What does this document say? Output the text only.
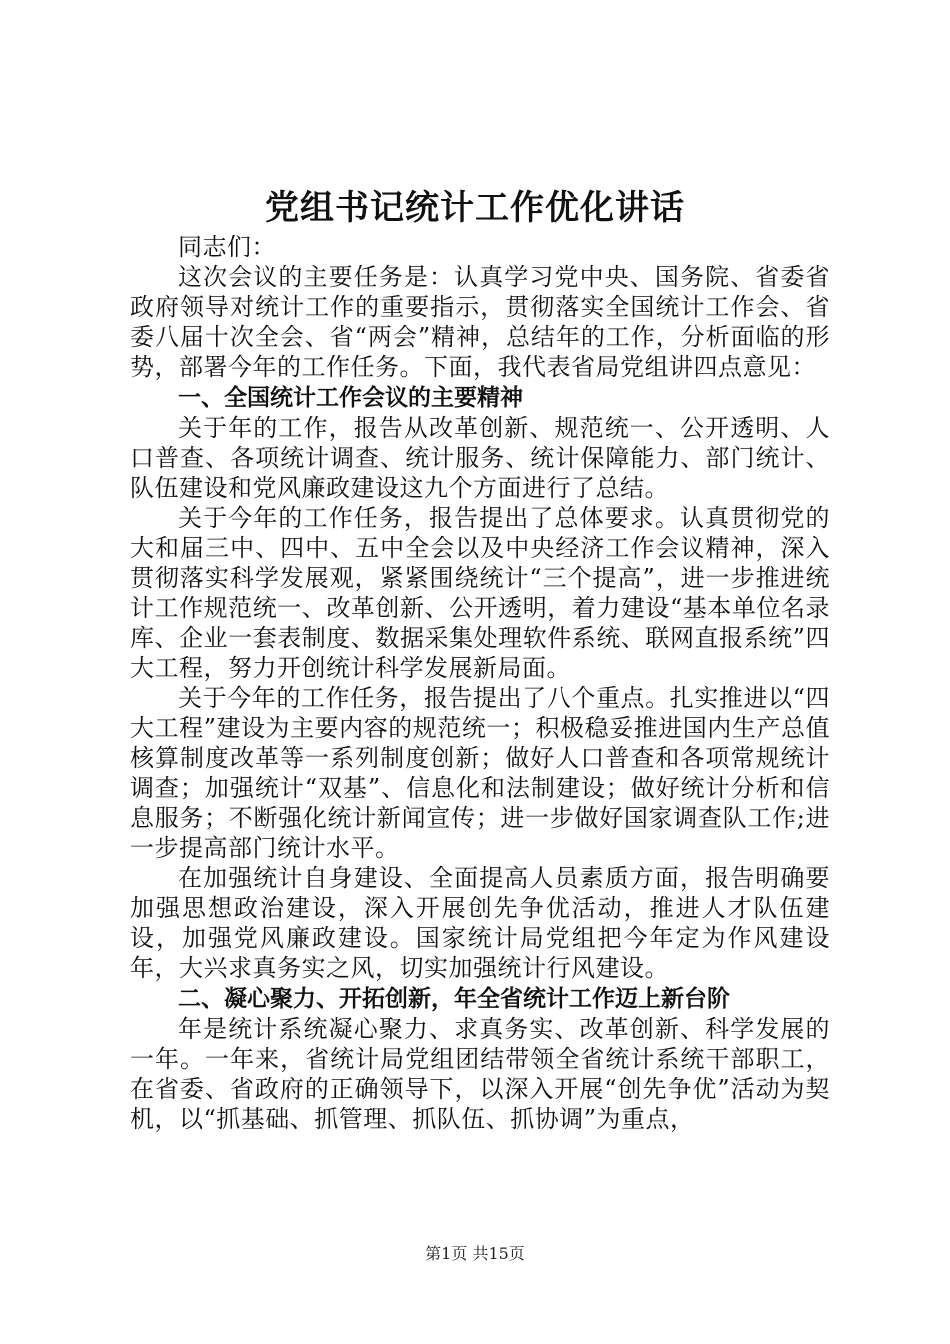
党组书记统计工作优化讲话

同志们：

这次会议的主要任务是：认真学习党中央、国务院、省委省政府领导对统计工作的重要指示，贯彻落实全国统计工作会、省委八届十次全会、省“两会”精神，总结年的工作，分析面临的形势，部署今年的工作任务。下面，我代表省局党组讲四点意见：

一、全国统计工作会议的主要精神

关于年的工作，报告从改革创新、规范统一、公开透明、人口普查、各项统计调查、统计服务、统计保障能力、部门统计、队伍建设和党风廉政建设这九个方面进行了总结。

关于今年的工作任务，报告提出了总体要求。认真贯彻党的大和届三中、四中、五中全会以及中央经济工作会议精神，深入贯彻落实科学发展观，紧紧围绕统计“三个提高”，进一步推进统计工作规范统一、改革创新、公开透明，着力建设“基本单位名录库、企业一套表制度、数据采集处理软件系统、联网直报系统”四大工程，努力开创统计科学发展新局面。

关于今年的工作任务，报告提出了八个重点。扎实推进以“四大工程”建设为主要内容的规范统一；积极稳妥推进国内生产总值核算制度改革等一系列制度创新；做好人口普查和各项常规统计调查；加强统计“双基”、信息化和法制建设；做好统计分析和信息服务；不断强化统计新闻宣传；进一步做好国家调查队工作;进一步提高部门统计水平。

在加强统计自身建设、全面提高人员素质方面，报告明确要加强思想政治建设，深入开展创先争优活动，推进人才队伍建设，加强党风廉政建设。国家统计局党组把今年定为作风建设年，大兴求真务实之风，切实加强统计行风建设。

二、凝心聚力、开拓创新，年全省统计工作迈上新台阶

年是统计系统凝心聚力、求真务实、改革创新、科学发展的一年。一年来，省统计局党组团结带领全省统计系统干部职工，在省委、省政府的正确领导下，以深入开展“创先争优”活动为契机，以“抓基础、抓管理、抓队伍、抓协调”为重点，

第1页 共15页
